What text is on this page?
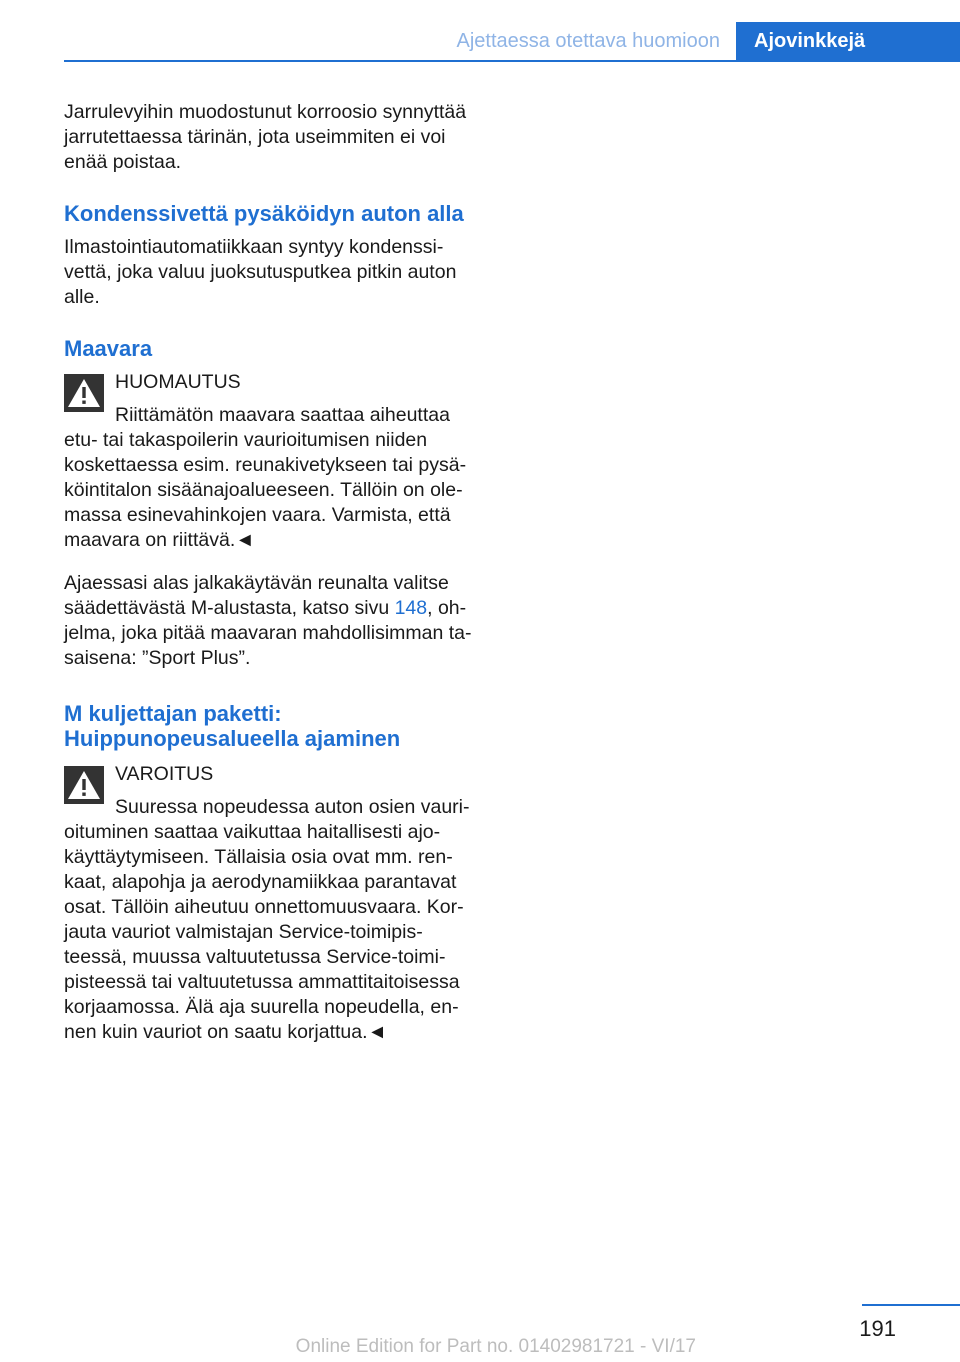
Ajettaessa otettava huomioon	Ajovinkkejä

Jarrulevyihin muodostunut korroosio synnyttää jarrutettaessa tärinän, jota useimmiten ei voi enää poistaa.

Kondenssivettä pysäköidyn auton alla

Ilmastointiautomatiikkaan syntyy kondenssivettä, joka valuu juoksutusputkea pitkin auton alle.

Maavara

HUOMAUTUS
Riittämätön maavara saattaa aiheuttaa etu- tai takaspoilerin vaurioitumisen niiden koskettaessa esim. reunakivetykseen tai pysäköintitalon sisäänajoalueeseen. Tällöin on olemassa esinevahinkojen vaara. Varmista, että maavara on riittävä.◄

Ajaessasi alas jalkakäytävän reunalta valitse säädettävästä M-alustasta, katso sivu 148, ohjelma, joka pitää maavaran mahdollisimman tasaisena: ”Sport Plus”.

M kuljettajan paketti:
Huippunopeusalueella ajaminen

VAROITUS
Suuressa nopeudessa auton osien vaurioituminen saattaa vaikuttaa haitallisesti ajokäyttäytymiseen. Tällaisia osia ovat mm. renkaat, alapohja ja aerodynamiikkaa parantavat osat. Tällöin aiheutuu onnettomuusvaara. Korjauta vauriot valmistajan Service-toimipisteessä, muussa valtuutetussa Service-toimipisteessä tai valtuutetussa ammattitaitoisessa korjaamossa. Älä aja suurella nopeudella, ennen kuin vauriot on saatu korjattua.◄

191
Online Edition for Part no. 01402981721 - VI/17
